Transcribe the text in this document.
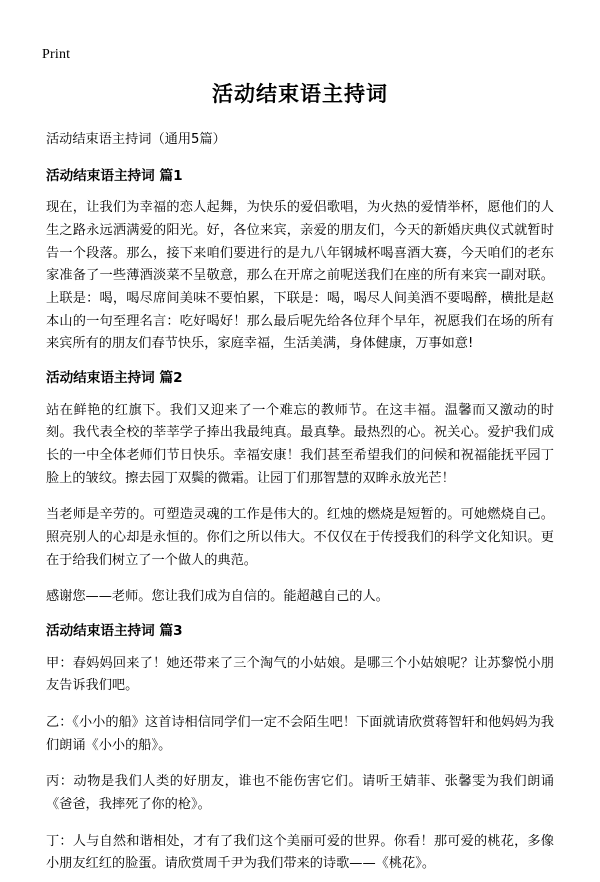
Print
活动结束语主持词

活动结束语主持词（通用5篇）

活动结束语主持词 篇1

现在，让我们为幸福的恋人起舞，为快乐的爱侣歌唱，为火热的爱情举杯，愿他们的人生之路永远洒满爱的阳光。好，各位来宾，亲爱的朋友们，今天的新婚庆典仪式就暂时告一个段落。那么，接下来咱们要进行的是九八年钢城杯喝喜酒大赛，今天咱们的老东家准备了一些薄酒淡菜不呈敬意，那么在开席之前呢送我们在座的所有来宾一副对联。上联是：喝，喝尽席间美味不要怕累，下联是：喝，喝尽人间美酒不要喝醉，横批是赵本山的一句至理名言：吃好喝好！那么最后呢先给各位拜个早年，祝愿我们在场的所有来宾所有的朋友们春节快乐，家庭幸福，生活美满，身体健康，万事如意!

活动结束语主持词 篇2

站在鲜艳的红旗下。我们又迎来了一个难忘的教师节。在这丰福。温馨而又激动的时刻。我代表全校的莘莘学子捧出我最纯真。最真挚。最热烈的心。祝关心。爱护我们成长的一中全体老师们节日快乐。幸福安康！我们甚至希望我们的问候和祝福能抚平园丁脸上的皱纹。擦去园丁双鬓的微霜。让园丁们那智慧的双眸永放光芒！

当老师是辛劳的。可塑造灵魂的工作是伟大的。红烛的燃烧是短暂的。可她燃烧自己。照亮别人的心却是永恒的。你们之所以伟大。不仅仅在于传授我们的科学文化知识。更在于给我们树立了一个做人的典范。

感谢您——老师。您让我们成为自信的。能超越自己的人。

活动结束语主持词 篇3

甲：春妈妈回来了！她还带来了三个淘气的小姑娘。是哪三个小姑娘呢？让苏黎悦小朋友告诉我们吧。

乙：《小小的船》这首诗相信同学们一定不会陌生吧！下面就请欣赏蒋智轩和他妈妈为我们朗诵《小小的船》。

丙：动物是我们人类的好朋友，谁也不能伤害它们。请听王婧菲、张馨雯为我们朗诵《爸爸，我摔死了你的枪》。

丁：人与自然和谐相处，才有了我们这个美丽可爱的世界。你看！那可爱的桃花，多像小朋友红红的脸蛋。请欣赏周千尹为我们带来的诗歌——《桃花》。
